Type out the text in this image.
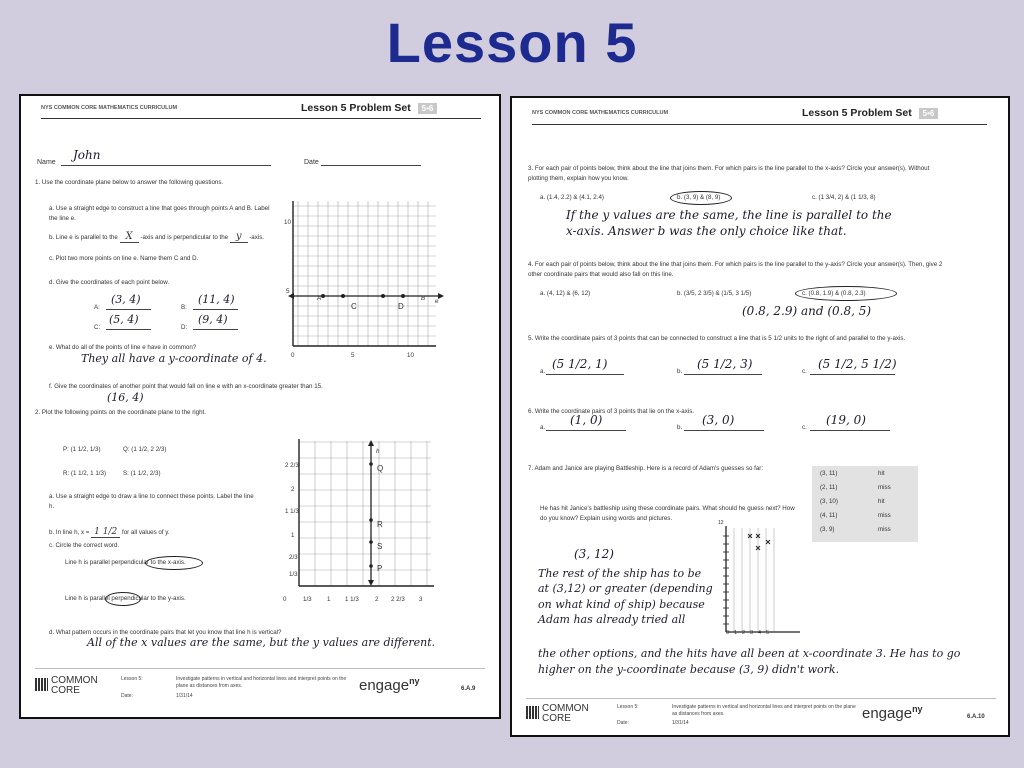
Lesson 5
NYS COMMON CORE MATHEMATICS CURRICULUM	Lesson 5 Problem Set 5•6
Name
John
Date
1. Use the coordinate plane below to answer the following questions.
a. Use a straight edge to construct a line that goes through points A and B. Label the line e.
b. Line e is parallel to the X -axis and is perpendicular to the y -axis.
c. Plot two more points on line e. Name them C and D.
d. Give the coordinates of each point below.
A:
(3, 4)
B:
(11, 4)
C:
(5, 4)
D:
(9, 4)
e. What do all of the points of line e have in common?
They all have a y-coordinate of 4.
f. Give the coordinates of another point that would fall on line e with an x-coordinate greater than 15.
(16, 4)
10
5
0	5	10
A
C	D
B e
2. Plot the following points on the coordinate plane to the right.
P: (1 1/2, 1/3)	Q: (1 1/2, 2 2/3)
R: (1 1/2, 1 1/3)	S: (1 1/2, 2/3)
a. Use a straight edge to draw a line to connect these points. Label the line h.
b. In line h, x = 1 1/2 for all values of y.
c. Circle the correct word.
Line h is parallel perpendicular to the x-axis.
Line h is parallel perpendicular to the y-axis.
2 2/3
2
1 1/3
1
2/3
1/3
0	1/3 1 1 1/3	2 2 2/3 3
h
Q
R
S
P
d. What pattern occurs in the coordinate pairs that let you know that line h is vertical?
All of the x values are the same, but the y values are different.
COMMON CORE
Lesson 5:	Investigate patterns in vertical and horizontal lines and interpret points on the plane as distances from axes.
Date:	1/31/14
engage$^{ny}$
6.A.9
NYS COMMON CORE MATHEMATICS CURRICULUM	Lesson 5 Problem Set 5•6
3. For each pair of points below, think about the line that joins them. For which pairs is the line parallel to the x-axis? Circle your answer(s). Without plotting them, explain how you know.
a. (1.4, 2.2) & (4.1, 2.4)	b. (3, 9) & (8, 9)	c. (1 3/4, 2) & (1 1/3, 8)
If the y values are the same, the line is parallel to the x-axis. Answer b was the only choice like that.
4. For each pair of points below, think about the line that joins them. For which pairs is the line parallel to the y-axis? Circle your answer(s). Then, give 2 other coordinate pairs that would also fall on this line.
a. (4, 12) & (6, 12)	b. (3/5, 2 3/5) & (1/5, 3 1/5)	c. (0.8, 1.9) & (0.8, 2.3)
(0.8, 2.9) and (0.8, 5)
5. Write the coordinate pairs of 3 points that can be connected to construct a line that is 5 1/2 units to the right of and parallel to the y-axis.
a.
(5 1/2, 1)
b.
(5 1/2, 3)
c.
(5 1/2, 5 1/2)
6. Write the coordinate pairs of 3 points that lie on the x-axis.
a.
(1, 0)
b.
(3, 0)
c.
(19, 0)
7. Adam and Janice are playing Battleship. Here is a record of Adam's guesses so far:
(3, 11)	hit
(2, 11)	miss
(3, 10)	hit
(4, 11)	miss
(3, 9)	miss
He has hit Janice's battleship using these coordinate pairs. What should he guess next? How do you know? Explain using words and pictures.
(3, 12)
The rest of the ship has to be at (3,12) or greater (depending on what kind of ship) because Adam has already tried all
the other options, and the hits have all been at x-coordinate 3. He has to go higher on the y-coordinate because (3, 9) didn't work.
12
0 1 2 3 4 5
COMMON CORE
Lesson 5:	Investigate patterns in vertical and horizontal lines and interpret points on the plane as distances from axes.
Date:	1/31/14
engage$^{ny}$
6.A.10
